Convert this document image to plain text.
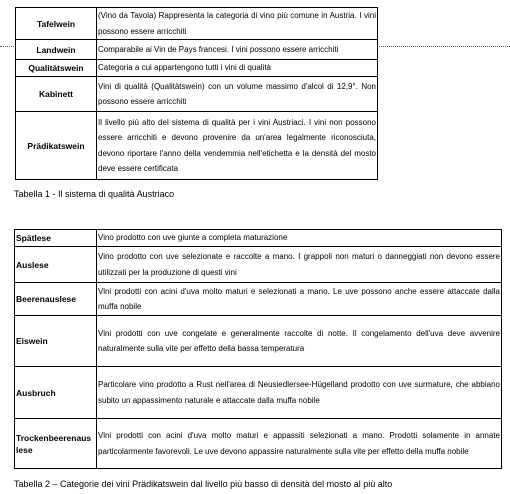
Tafelwein	(Vino da Tavola) Rappresenta la categoria di vino più comune in Austria. I vini possono essere arricchiti
Landwein	Comparabile ai Vin de Pays francesi. I vini possono essere arricchiti
Qualitätswein	Categoria a cui appartengono tutti i vini di qualità
Kabinett	Vini di qualità (Qualitätswein) con un volume massimo d'alcol di 12,9°. Non possono essere arricchiti
Prädikatswein	Il livello più alto del sistema di qualità per i vini Austriaci. I vini non possono essere arricchiti e devono provenire da un'area legalmente riconosciuta, devono riportare l'anno della vendemmia nell'etichetta e la densità del mosto deve essere certificata
Tabella 1 - Il sistema di qualità Austriaco
Spätlese	Vino prodotto con uve giunte a completa maturazione
Auslese	Vino prodotto con uve selezionate e raccolte a mano. I grappoli non maturi o danneggiati non devono essere utilizzati per la produzione di questi vini
Beerenauslese	Vini prodotti con acini d'uva molto maturi e selezionati a mano. Le uve possono anche essere attaccate dalla muffa nobile
Eiswein	Vini prodotti con uve congelate e generalmente raccolte di notte. Il congelamento dell'uva deve avvenire naturalmente sulla vite per effetto della bassa temperatura
Ausbruch	Particolare vino prodotto a Rust nell'area di Neusiedlersee-Hügelland prodotto con uve surmature, che abbiano subito un appassimento naturale e attaccate dalla muffa nobile
Trockenbeerenaus lese	Vini prodotti con acini d'uva molto maturi e appassiti selezionati a mano. Prodotti solamente in annate particolarmente favorevoli. Le uve devono appassire naturalmente sulla vite per effetto della muffa nobile
Tabella 2 – Categorie dei vini Prädikatswein dal livello più basso di densità del mosto al più alto
